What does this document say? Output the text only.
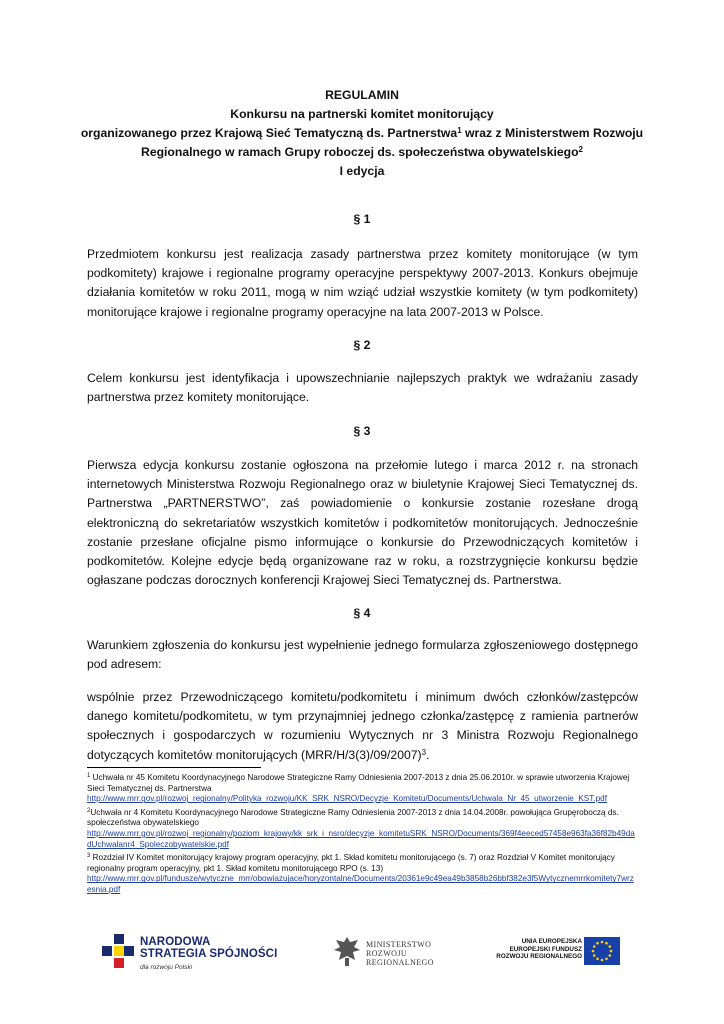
REGULAMIN
Konkursu na partnerski komitet monitorujący
organizowanego przez Krajową Sieć Tematyczną ds. Partnerstwa$^1$ wraz z Ministerstwem Rozwoju
Regionalnego w ramach Grupy roboczej ds. społeczeństwa obywatelskiego$^2$
I edycja
§ 1
Przedmiotem konkursu jest realizacja zasady partnerstwa przez komitety monitorujące (w tym podkomitety) krajowe i regionalne programy operacyjne perspektywy 2007-2013. Konkurs obejmuje działania komitetów w roku 2011, mogą w nim wziąć udział wszystkie komitety (w tym podkomitety) monitorujące krajowe i regionalne programy operacyjne na lata 2007-2013 w Polsce.
§ 2
Celem konkursu jest identyfikacja i upowszechnianie najlepszych praktyk we wdrażaniu zasady partnerstwa przez komitety monitorujące.
§ 3
Pierwsza edycja konkursu zostanie ogłoszona na przełomie lutego i marca 2012 r. na stronach internetowych Ministerstwa Rozwoju Regionalnego oraz w biuletynie Krajowej Sieci Tematycznej ds. Partnerstwa „PARTNERSTWO”, zaś powiadomienie o konkursie zostanie rozesłane drogą elektroniczną do sekretariatów wszystkich komitetów i podkomitetów monitorujących. Jednocześnie zostanie przesłane oficjalne pismo informujące o konkursie do Przewodniczących komitetów i podkomitetów. Kolejne edycje będą organizowane raz w roku, a rozstrzygnięcie konkursu będzie ogłaszane podczas dorocznych konferencji Krajowej Sieci Tematycznej ds. Partnerstwa.
§ 4
Warunkiem zgłoszenia do konkursu jest wypełnienie jednego formularza zgłoszeniowego dostępnego pod adresem:
wspólnie przez Przewodniczącego komitetu/podkomitetu i minimum dwóch członków/zastępców danego komitetu/podkomitetu, w tym przynajmniej jednego członka/zastępcę z ramienia partnerów społecznych i gospodarczych w rozumieniu Wytycznych nr 3 Ministra Rozwoju Regionalnego dotyczących komitetów monitorujących $(MRR/H/3(3)/09/2007)^3$.
$^1$ Uchwała nr 45 Komitetu Koordynacyjnego Narodowe Strategiczne Ramy Odniesienia 2007-2013 z dnia 25.06.2010r. w sprawie utworzenia Krajowej Sieci Tematycznej ds. Partnerstwa
http://www.mrr.gov.pl/rozwoj_regionalny/Polityka_rozwoju/KK_SRK_NSRO/Decyzje_Komitetu/Documents/Uchwala_Nr_45_utworzenie_KST.pdf
$^2$Uchwała nr 4 Komitetu Koordynacyjnego Narodowe Strategiczne Ramy Odniesienia 2007-2013 z dnia 14.04.2008r. powołująca Grupęroboczą ds. społeczeństwa obywatelskiego
http://www.mrr.gov.pl/rozwoj_regionalny/poziom_krajowy/kk_srk_i_nsro/decyzje_komitetuSRK_NSRO/Documents/369f4eeced57458e963fa36f82b49dadUchwalanr4_Spoleczobywatelskie.pdf
$^3$ Rozdział IV Komitet monitorujący krajowy program operacyjny, pkt 1. Skład komitetu monitorującego (s. 7) oraz Rozdział V Komitet monitorujący regionalny program operacyjny, pkt 1. Skład komitetu monitorującego RPO (s. 13)
http://www.mrr.gov.pl/fundusze/wytyczne_mrr/obowiazujace/horyzontalne/Documents/20361e9c49ea49b3858b26bbf382e3f5Wytycznemrrkomitety7wrzesnia.pdf
NARODOWA
STRATEGIA SPÓJNOŚCI
dla rozwoju Polski
MINISTERSTWO
ROZWOJU
REGIONALNEGO
UNIA EUROPEJSKA
EUROPEJSKI FUNDUSZ
ROZWOJU REGIONALNEGO
